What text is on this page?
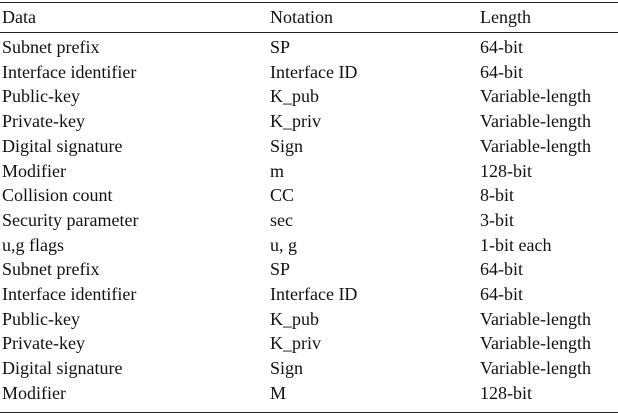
Data	Notation	Length
Subnet prefix	SP	64-bit
Interface identifier	Interface ID	64-bit
Public-key	K_pub	Variable-length
Private-key	K_priv	Variable-length
Digital signature	Sign	Variable-length
Modifier	m	128-bit
Collision count	CC	8-bit
Security parameter	sec	3-bit
u,g flags	u, g	1-bit each
Subnet prefix	SP	64-bit
Interface identifier	Interface ID	64-bit
Public-key	K_pub	Variable-length
Private-key	K_priv	Variable-length
Digital signature	Sign	Variable-length
Modifier	M	128-bit
